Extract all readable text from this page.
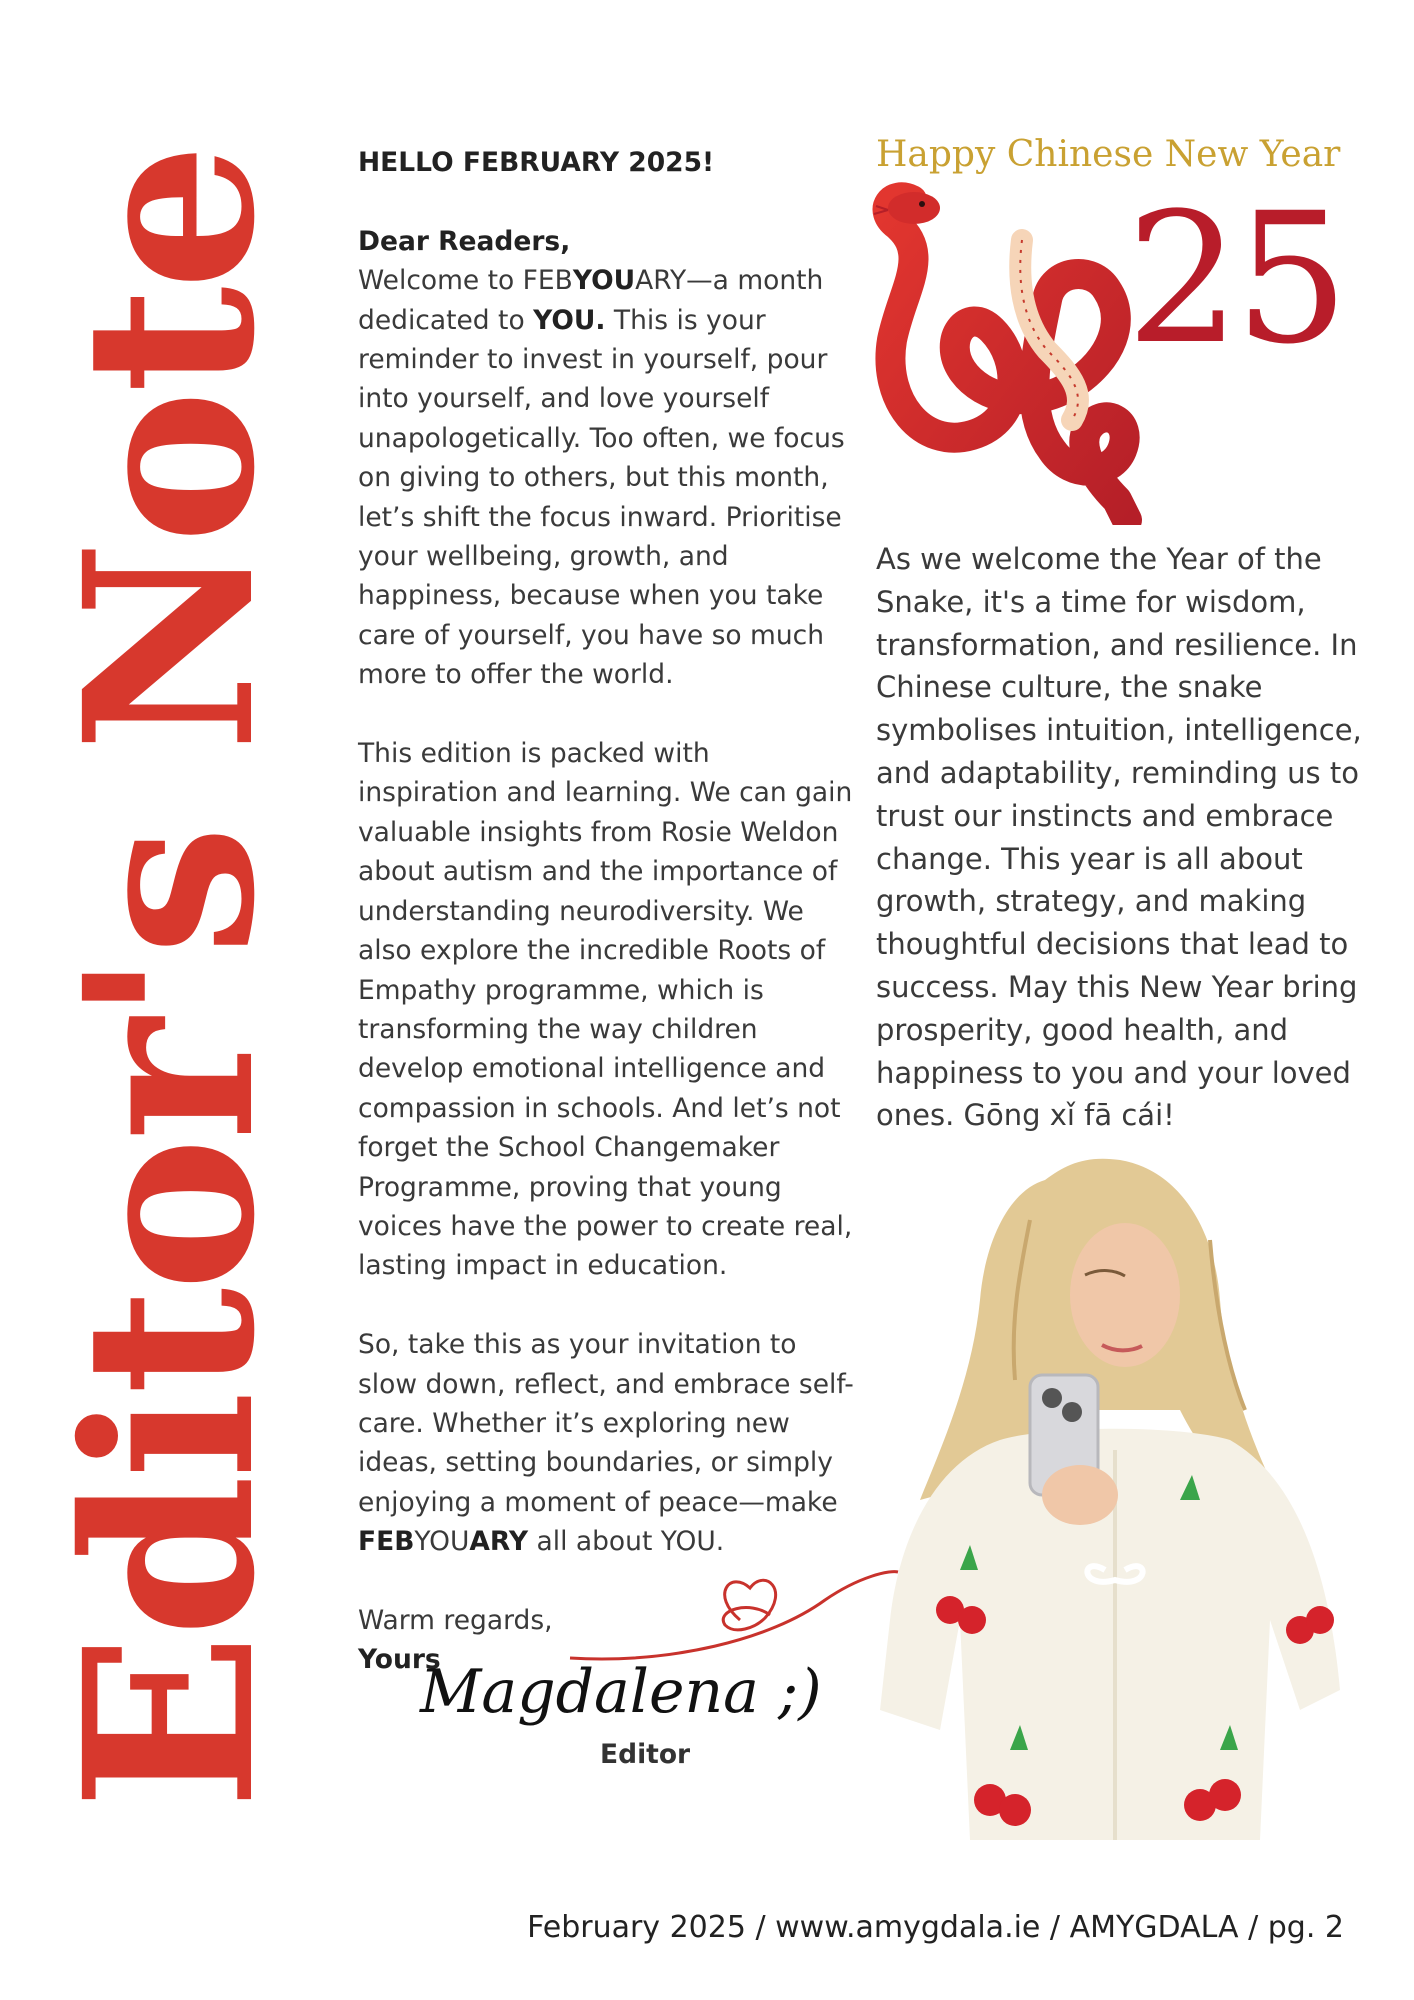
Editor's Note HELLO FEBRUARY 2025!

Dear Readers,
Welcome to FEBYOUARY—a month dedicated to YOU. This is your reminder to invest in yourself, pour into yourself, and love yourself unapologetically. Too often, we focus on giving to others, but this month, let’s shift the focus inward. Prioritise your wellbeing, growth, and happiness, because when you take care of yourself, you have so much more to offer the world.

This edition is packed with inspiration and learning. We can gain valuable insights from Rosie Weldon about autism and the importance of understanding neurodiversity. We also explore the incredible Roots of Empathy programme, which is transforming the way children develop emotional intelligence and compassion in schools. And let’s not forget the School Changemaker Programme, proving that young voices have the power to create real, lasting impact in education.

So, take this as your invitation to slow down, reflect, and embrace self-care. Whether it’s exploring new ideas, setting boundaries, or simply enjoying a moment of peace—make FEBYOUARY all about YOU.

Warm regards,
Yours
Magdalena ;)
Editor
Happy Chinese New Year
25
As we welcome the Year of the Snake, it's a time for wisdom, transformation, and resilience. In Chinese culture, the snake symbolises intuition, intelligence, and adaptability, reminding us to trust our instincts and embrace change. This year is all about growth, strategy, and making thoughtful decisions that lead to success. May this New Year bring prosperity, good health, and happiness to you and your loved ones. Gōng xǐ fā cái!
February 2025 / www.amygdala.ie / AMYGDALA / pg. 2
